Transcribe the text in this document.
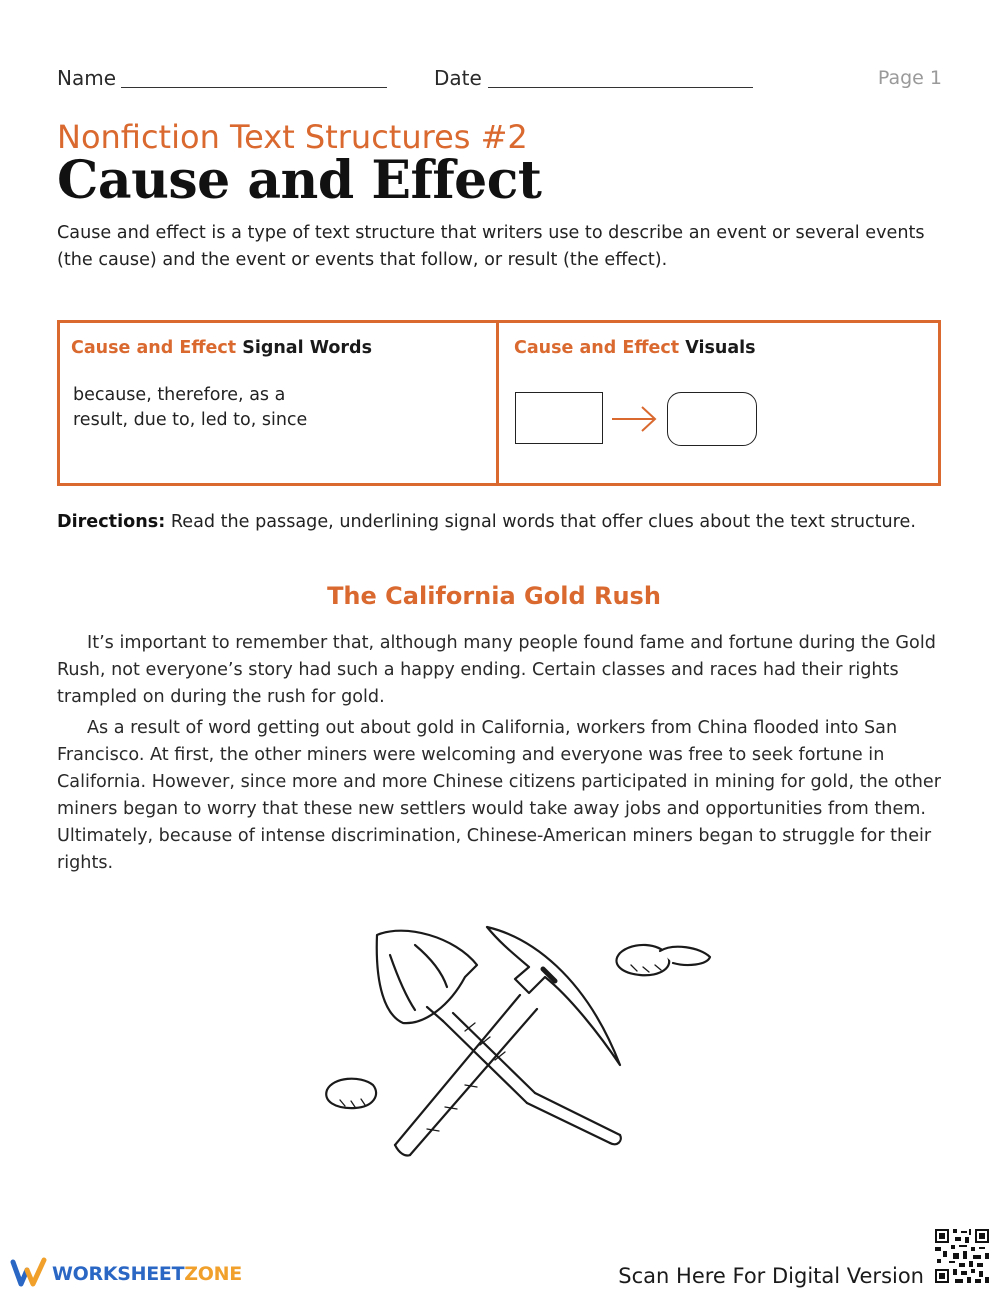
Name	Date	Page 1
Nonfiction Text Structures #2
Cause and Effect
Cause and effect is a type of text structure that writers use to describe an event or several events (the cause) and the event or events that follow, or result (the effect).
Cause and Effect Signal Words
because, therefore, as a result, due to, led to, since
Cause and Effect Visuals
Directions: Read the passage, underlining signal words that offer clues about the text structure.
The California Gold Rush

It’s important to remember that, although many people found fame and fortune during the Gold Rush, not everyone’s story had such a happy ending. Certain classes and races had their rights trampled on during the rush for gold.

As a result of word getting out about gold in California, workers from China flooded into San Francisco. At first, the other miners were welcoming and everyone was free to seek fortune in California. However, since more and more Chinese citizens participated in mining for gold, the other miners began to worry that these new settlers would take away jobs and opportunities from them. Ultimately, because of intense discrimination, Chinese-American miners began to struggle for their rights.

WORKSHEETZONE	Scan Here For Digital Version
